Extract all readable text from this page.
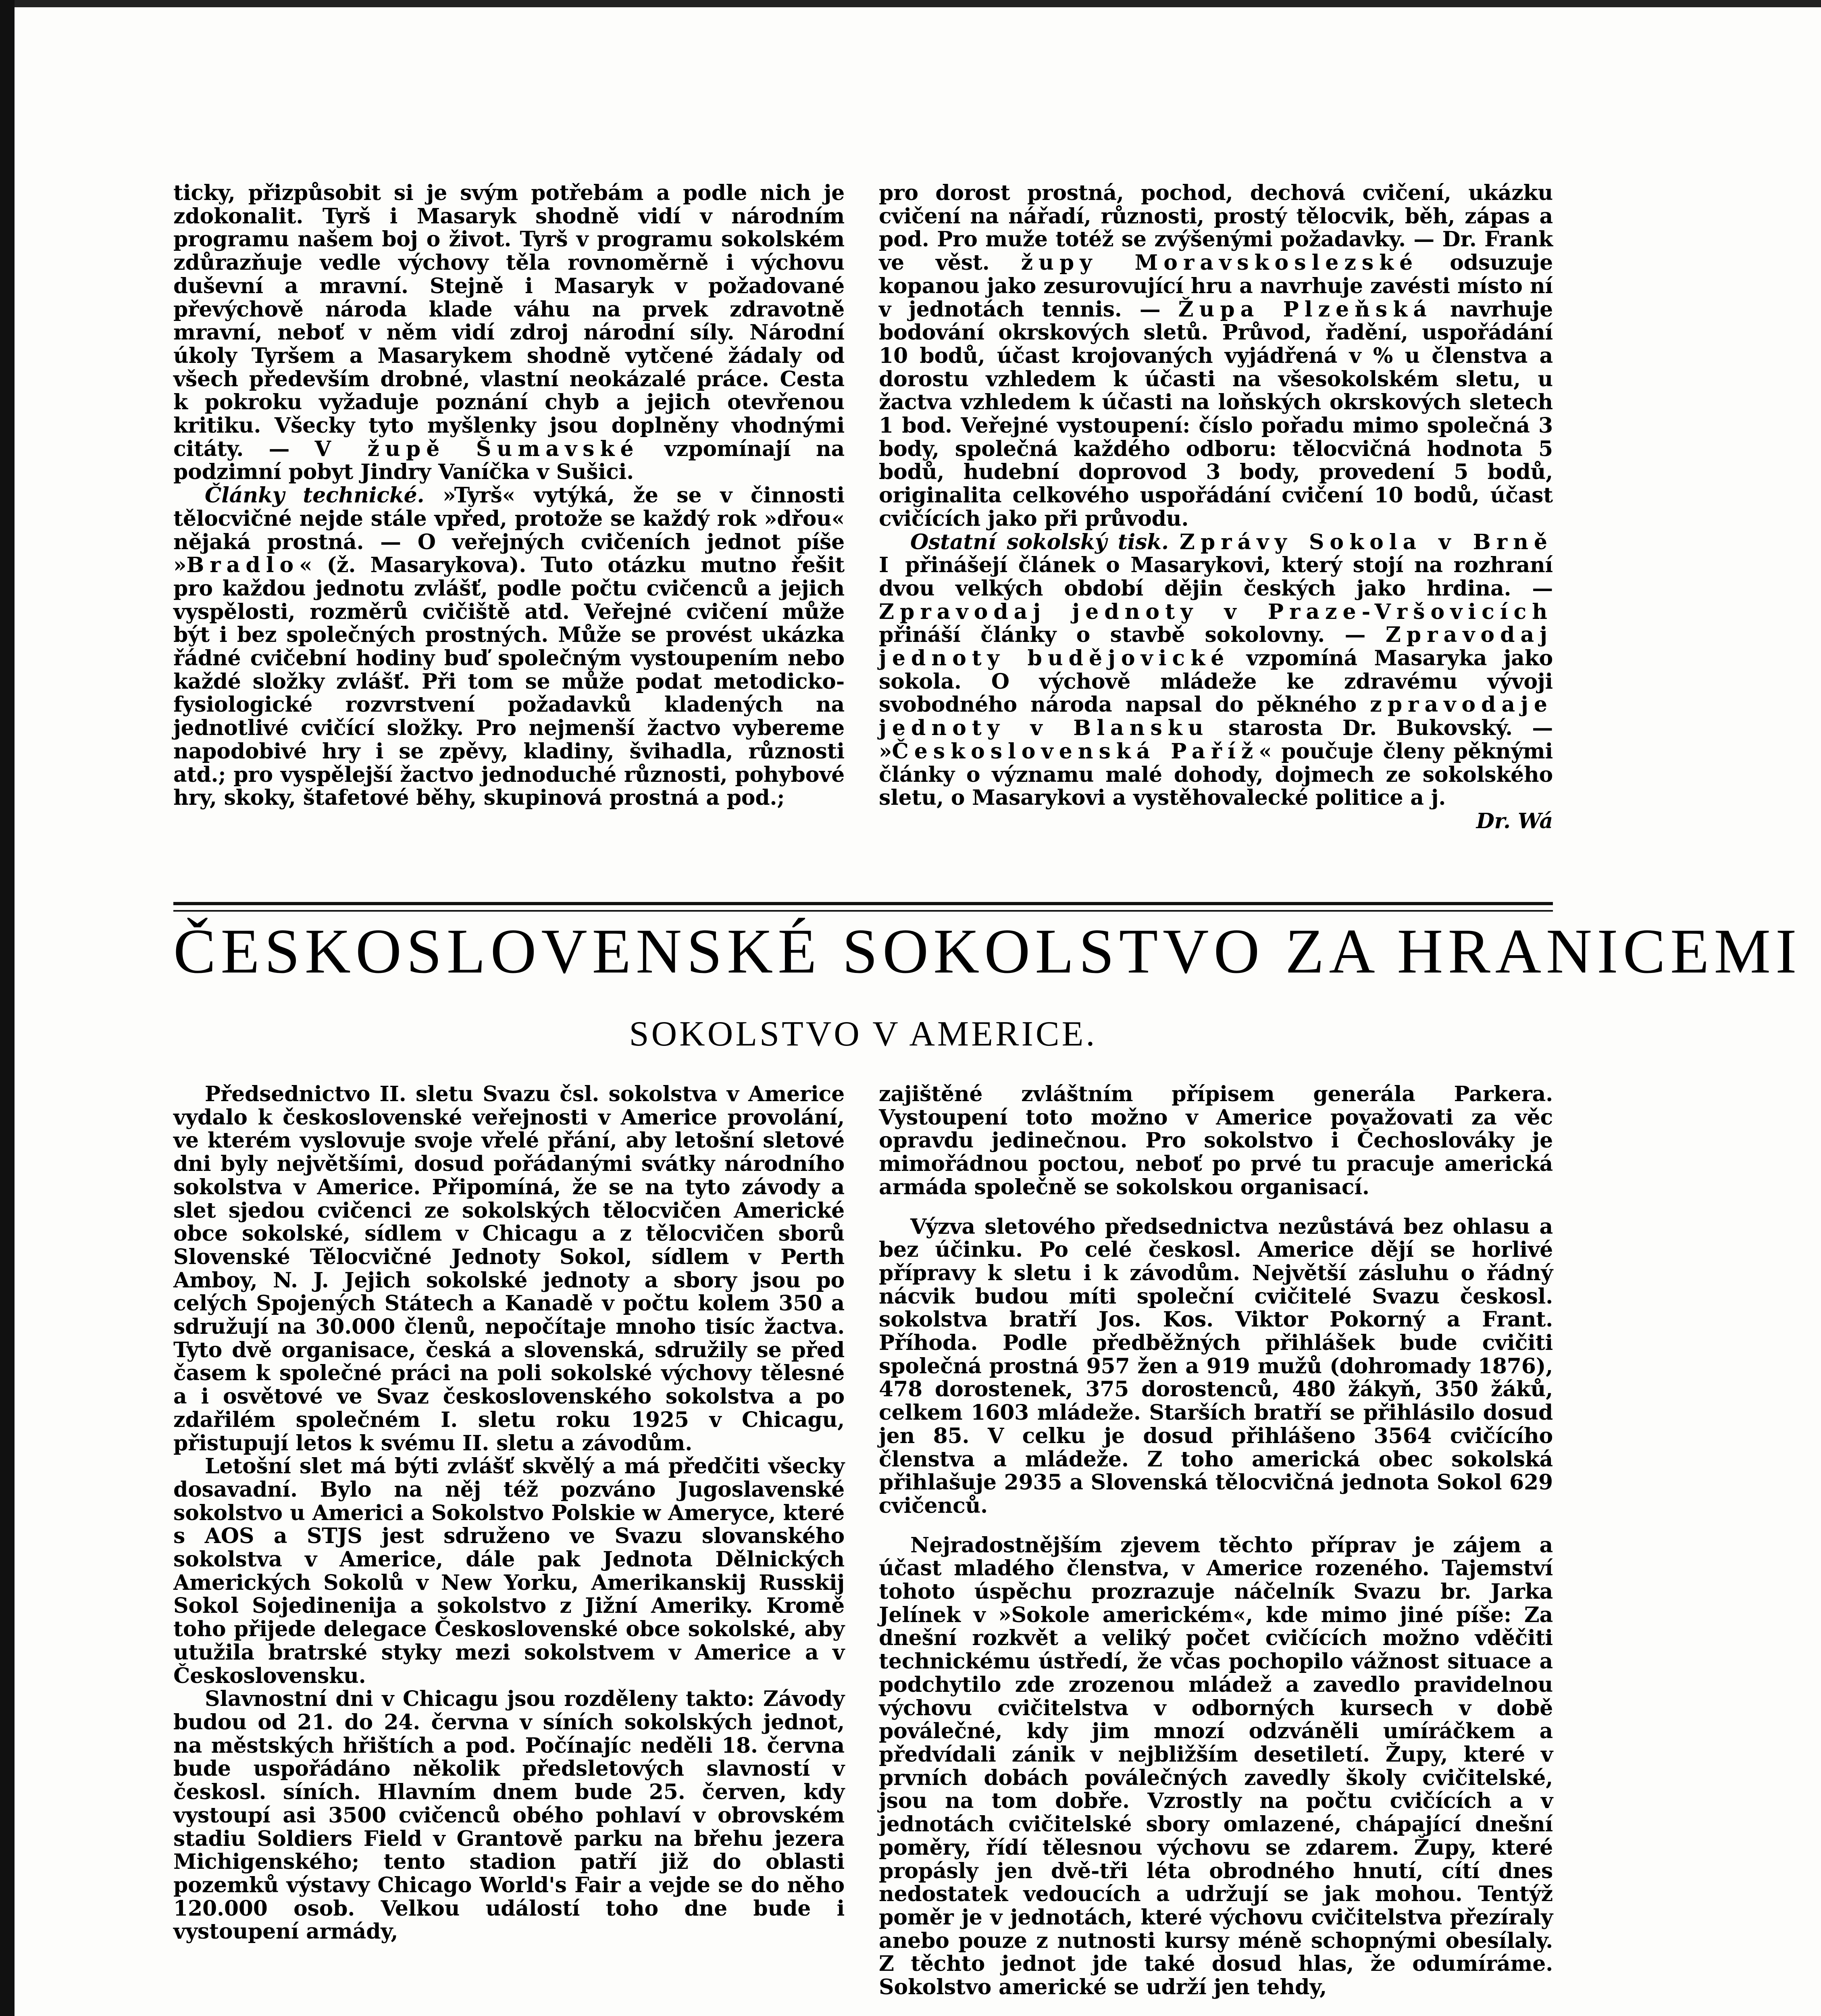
ticky, přizpůsobit si je svým potřebám a podle nich je zdokonalit. Tyrš i Masaryk shodně vidí v národním programu našem boj o život. Tyrš v programu sokolském zdůrazňuje vedle výchovy těla rovnoměrně i výchovu duševní a mravní. Stejně i Masaryk v požadované převýchově národa klade váhu na prvek zdravotně mravní, neboť v něm vidí zdroj národní síly. Národní úkoly Tyršem a Masarykem shodně vytčené žádaly od všech především drobné, vlastní neokázalé práce. Cesta k pokroku vyžaduje poznání chyb a jejich otevřenou kritiku. Všecky tyto myšlenky jsou doplněny vhodnými citáty. — V župě Šumavské vzpomínají na podzimní pobyt Jindry Vaníčka v Sušici.

Články technické. »Tyrš« vytýká, že se v činnosti tělocvičné nejde stále vpřed, protože se každý rok »dřou« nějaká prostná. — O veřejných cvičeních jednot píše »Bradlo« (ž. Masarykova). Tuto otázku mutno řešit pro každou jednotu zvlášť, podle počtu cvičenců a jejich vyspělosti, rozměrů cvičiště atd. Veřejné cvičení může být i bez společných prostných. Může se provést ukázka řádné cvičební hodiny buď společným vystoupením nebo každé složky zvlášť. Při tom se může podat metodicko-fysiologické rozvrstvení požadavků kladených na jednotlivé cvičící složky. Pro nejmenší žactvo vybereme napodobivé hry i se zpěvy, kladiny, švihadla, různosti atd.; pro vyspělejší žactvo jednoduché různosti, pohybové hry, skoky, štafetové běhy, skupinová prostná a pod.;

pro dorost prostná, pochod, dechová cvičení, ukázku cvičení na nářadí, různosti, prostý tělocvik, běh, zápas a pod. Pro muže totéž se zvýšenými požadavky. — Dr. Frank ve věst. župy Moravskoslezské odsuzuje kopanou jako zesurovující hru a navrhuje zavésti místo ní v jednotách tennis. — Župa Plzeňská navrhuje bodování okrskových sletů. Průvod, řadění, uspořádání 10 bodů, účast krojovaných vyjádřená v % u členstva a dorostu vzhledem k účasti na všesokolském sletu, u žactva vzhledem k účasti na loňských okrskových sletech 1 bod. Veřejné vystoupení: číslo pořadu mimo společná 3 body, společná každého odboru: tělocvičná hodnota 5 bodů, hudební doprovod 3 body, provedení 5 bodů, originalita celkového uspořádání cvičení 10 bodů, účast cvičících jako při průvodu.

Ostatní sokolský tisk. Zprávy Sokola v Brně I přinášejí článek o Masarykovi, který stojí na rozhraní dvou velkých období dějin českých jako hrdina. — Zpravodaj jednoty v Praze-Vršovicích přináší články o stavbě sokolovny. — Zpravodaj jednoty budějovické vzpomíná Masaryka jako sokola. O výchově mládeže ke zdravému vývoji svobodného národa napsal do pěkného zpravodaje jednoty v Blansku starosta Dr. Bukovský. — »Československá Paříž« poučuje členy pěknými články o významu malé dohody, dojmech ze sokolského sletu, o Masarykovi a vystěhovalecké politice a j.
Dr. Wá

ČESKOSLOVENSKÉ SOKOLSTVO ZA HRANICEMI
SOKOLSTVO V AMERICE.

Předsednictvo II. sletu Svazu čsl. sokolstva v Americe vydalo k československé veřejnosti v Americe provolání, ve kterém vyslovuje svoje vřelé přání, aby letošní sletové dni byly největšími, dosud pořádanými svátky národního sokolstva v Americe. Připomíná, že se na tyto závody a slet sjedou cvičenci ze sokolských tělocvičen Americké obce sokolské, sídlem v Chicagu a z tělocvičen sborů Slovenské Tělocvičné Jednoty Sokol, sídlem v Perth Amboy, N. J. Jejich sokolské jednoty a sbory jsou po celých Spojených Státech a Kanadě v počtu kolem 350 a sdružují na 30.000 členů, nepočítaje mnoho tisíc žactva. Tyto dvě organisace, česká a slovenská, sdružily se před časem k společné práci na poli sokolské výchovy tělesné a i osvětové ve Svaz československého sokolstva a po zdařilém společném I. sletu roku 1925 v Chicagu, přistupují letos k svému II. sletu a závodům.

Letošní slet má býti zvlášť skvělý a má předčiti všecky dosavadní. Bylo na něj též pozváno Jugoslavenské sokolstvo u Americi a Sokolstvo Polskie w Ameryce, které s AOS a STJS jest sdruženo ve Svazu slovanského sokolstva v Americe, dále pak Jednota Dělnických Amerických Sokolů v New Yorku, Amerikanskij Russkij Sokol Sojedinenija a sokolstvo z Jižní Ameriky. Kromě toho přijede delegace Československé obce sokolské, aby utužila bratrské styky mezi sokolstvem v Americe a v Československu.

Slavnostní dni v Chicagu jsou rozděleny takto: Závody budou od 21. do 24. června v síních sokolských jednot, na městských hřištích a pod. Počínajíc neděli 18. června bude uspořádáno několik předsletových slavností v českosl. síních. Hlavním dnem bude 25. červen, kdy vystoupí asi 3500 cvičenců obého pohlaví v obrovském stadiu Soldiers Field v Grantově parku na břehu jezera Michigenského; tento stadion patří již do oblasti pozemků výstavy Chicago World's Fair a vejde se do něho 120.000 osob. Velkou událostí toho dne bude i vystoupení armády,

zajištěné zvláštním přípisem generála Parkera. Vystoupení toto možno v Americe považovati za věc opravdu jedinečnou. Pro sokolstvo i Čechoslováky je mimořádnou poctou, neboť po prvé tu pracuje americká armáda společně se sokolskou organisací.

Výzva sletového předsednictva nezůstává bez ohlasu a bez účinku. Po celé českosl. Americe dějí se horlivé přípravy k sletu i k závodům. Největší zásluhu o řádný nácvik budou míti společní cvičitelé Svazu českosl. sokolstva bratří Jos. Kos. Viktor Pokorný a Frant. Příhoda. Podle předběžných přihlášek bude cvičiti společná prostná 957 žen a 919 mužů (dohromady 1876), 478 dorostenek, 375 dorostenců, 480 žákyň, 350 žáků, celkem 1603 mládeže. Starších bratří se přihlásilo dosud jen 85. V celku je dosud přihlášeno 3564 cvičícího členstva a mládeže. Z toho americká obec sokolská přihlašuje 2935 a Slovenská tělocvičná jednota Sokol 629 cvičenců.

Nejradostnějším zjevem těchto příprav je zájem a účast mladého členstva, v Americe rozeného. Tajemství tohoto úspěchu prozrazuje náčelník Svazu br. Jarka Jelínek v »Sokole americkém«, kde mimo jiné píše: Za dnešní rozkvět a veliký počet cvičících možno vděčiti technickému ústředí, že včas pochopilo vážnost situace a podchytilo zde zrozenou mládež a zavedlo pravidelnou výchovu cvičitelstva v odborných kursech v době poválečné, kdy jim mnozí odzváněli umíráčkem a předvídali zánik v nejbližším desetiletí. Župy, které v prvních dobách poválečných zavedly školy cvičitelské, jsou na tom dobře. Vzrostly na počtu cvičících a v jednotách cvičitelské sbory omlazené, chápající dnešní poměry, řídí tělesnou výchovu se zdarem. Župy, které propásly jen dvě-tři léta obrodného hnutí, cítí dnes nedostatek vedoucích a udržují se jak mohou. Tentýž poměr je v jednotách, které výchovu cvičitelstva přezíraly anebo pouze z nutnosti kursy méně schopnými obesílaly. Z těchto jednot jde také dosud hlas, že odumíráme. Sokolstvo americké se udrží jen tehdy,
